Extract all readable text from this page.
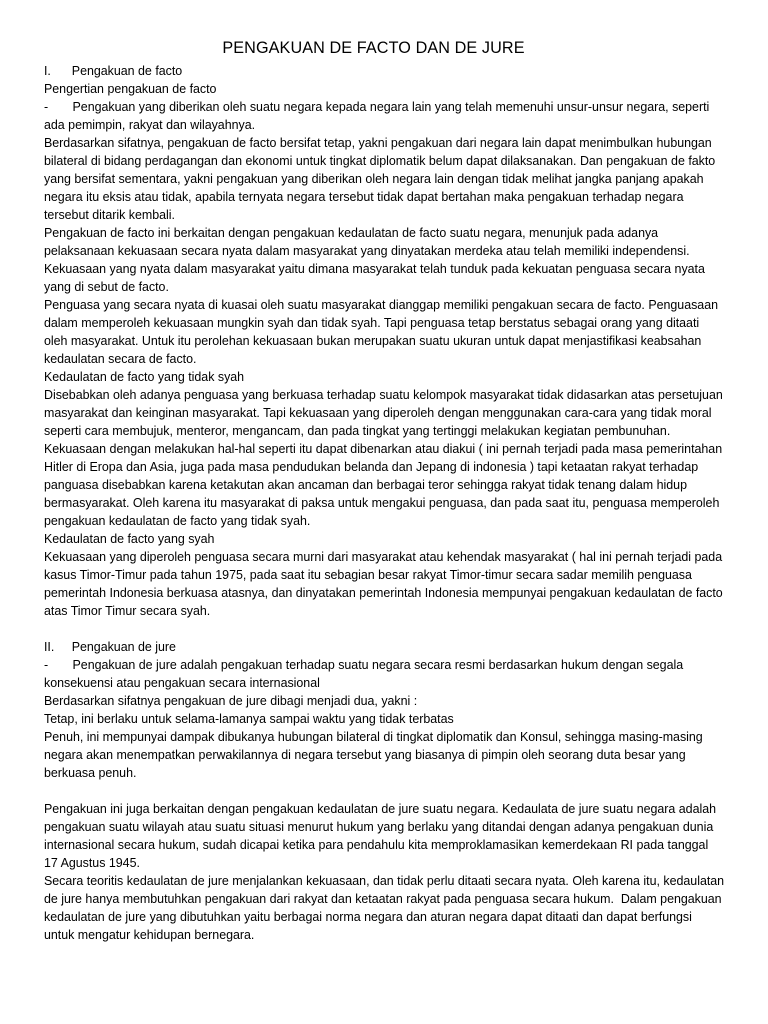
PENGAKUAN DE FACTO DAN DE JURE

I.      Pengakuan de facto

Pengertian pengakuan de facto

-       Pengakuan yang diberikan oleh suatu negara kepada negara lain yang telah memenuhi unsur-unsur negara, seperti ada pemimpin, rakyat dan wilayahnya.

Berdasarkan sifatnya, pengakuan de facto bersifat tetap, yakni pengakuan dari negara lain dapat menimbulkan hubungan bilateral di bidang perdagangan dan ekonomi untuk tingkat diplomatik belum dapat dilaksanakan. Dan pengakuan de fakto yang bersifat sementara, yakni pengakuan yang diberikan oleh negara lain dengan tidak melihat jangka panjang apakah negara itu eksis atau tidak, apabila ternyata negara tersebut tidak dapat bertahan maka pengakuan terhadap negara tersebut ditarik kembali.

Pengakuan de facto ini berkaitan dengan pengakuan kedaulatan de facto suatu negara, menunjuk pada adanya pelaksanaan kekuasaan secara nyata dalam masyarakat yang dinyatakan merdeka atau telah memiliki independensi. Kekuasaan yang nyata dalam masyarakat yaitu dimana masyarakat telah tunduk pada kekuatan penguasa secara nyata yang di sebut de facto.

Penguasa yang secara nyata di kuasai oleh suatu masyarakat dianggap memiliki pengakuan secara de facto. Penguasaan dalam memperoleh kekuasaan mungkin syah dan tidak syah. Tapi penguasa tetap berstatus sebagai orang yang ditaati oleh masyarakat. Untuk itu perolehan kekuasaan bukan merupakan suatu ukuran untuk dapat menjastifikasi keabsahan kedaulatan secara de facto.

Kedaulatan de facto yang tidak syah

Disebabkan oleh adanya penguasa yang berkuasa terhadap suatu kelompok masyarakat tidak didasarkan atas persetujuan masyarakat dan keinginan masyarakat. Tapi kekuasaan yang diperoleh dengan menggunakan cara-cara yang tidak moral seperti cara membujuk, menteror, mengancam, dan pada tingkat yang tertinggi melakukan kegiatan pembunuhan. Kekuasaan dengan melakukan hal-hal seperti itu dapat dibenarkan atau diakui ( ini pernah terjadi pada masa pemerintahan Hitler di Eropa dan Asia, juga pada masa pendudukan belanda dan Jepang di indonesia ) tapi ketaatan rakyat terhadap panguasa disebabkan karena ketakutan akan ancaman dan berbagai teror sehingga rakyat tidak tenang dalam hidup bermasyarakat. Oleh karena itu masyarakat di paksa untuk mengakui penguasa, dan pada saat itu, penguasa memperoleh pengakuan kedaulatan de facto yang tidak syah.

Kedaulatan de facto yang syah

Kekuasaan yang diperoleh penguasa secara murni dari masyarakat atau kehendak masyarakat ( hal ini pernah terjadi pada kasus Timor-Timur pada tahun 1975, pada saat itu sebagian besar rakyat Timor-timur secara sadar memilih penguasa pemerintah Indonesia berkuasa atasnya, dan dinyatakan pemerintah Indonesia mempunyai pengakuan kedaulatan de facto atas Timor Timur secara syah.

II.     Pengakuan de jure

-       Pengakuan de jure adalah pengakuan terhadap suatu negara secara resmi berdasarkan hukum dengan segala konsekuensi atau pengakuan secara internasional

Berdasarkan sifatnya pengakuan de jure dibagi menjadi dua, yakni :

Tetap, ini berlaku untuk selama-lamanya sampai waktu yang tidak terbatas

Penuh, ini mempunyai dampak dibukanya hubungan bilateral di tingkat diplomatik dan Konsul, sehingga masing-masing negara akan menempatkan perwakilannya di negara tersebut yang biasanya di pimpin oleh seorang duta besar yang berkuasa penuh.

Pengakuan ini juga berkaitan dengan pengakuan kedaulatan de jure suatu negara. Kedaulata de jure suatu negara adalah pengakuan suatu wilayah atau suatu situasi menurut hukum yang berlaku yang ditandai dengan adanya pengakuan dunia internasional secara hukum, sudah dicapai ketika para pendahulu kita memproklamasikan kemerdekaan RI pada tanggal 17 Agustus 1945.

Secara teoritis kedaulatan de jure menjalankan kekuasaan, dan tidak perlu ditaati secara nyata. Oleh karena itu, kedaulatan de jure hanya membutuhkan pengakuan dari rakyat dan ketaatan rakyat pada penguasa secara hukum.  Dalam pengakuan kedaulatan de jure yang dibutuhkan yaitu berbagai norma negara dan aturan negara dapat ditaati dan dapat berfungsi untuk mengatur kehidupan bernegara.
